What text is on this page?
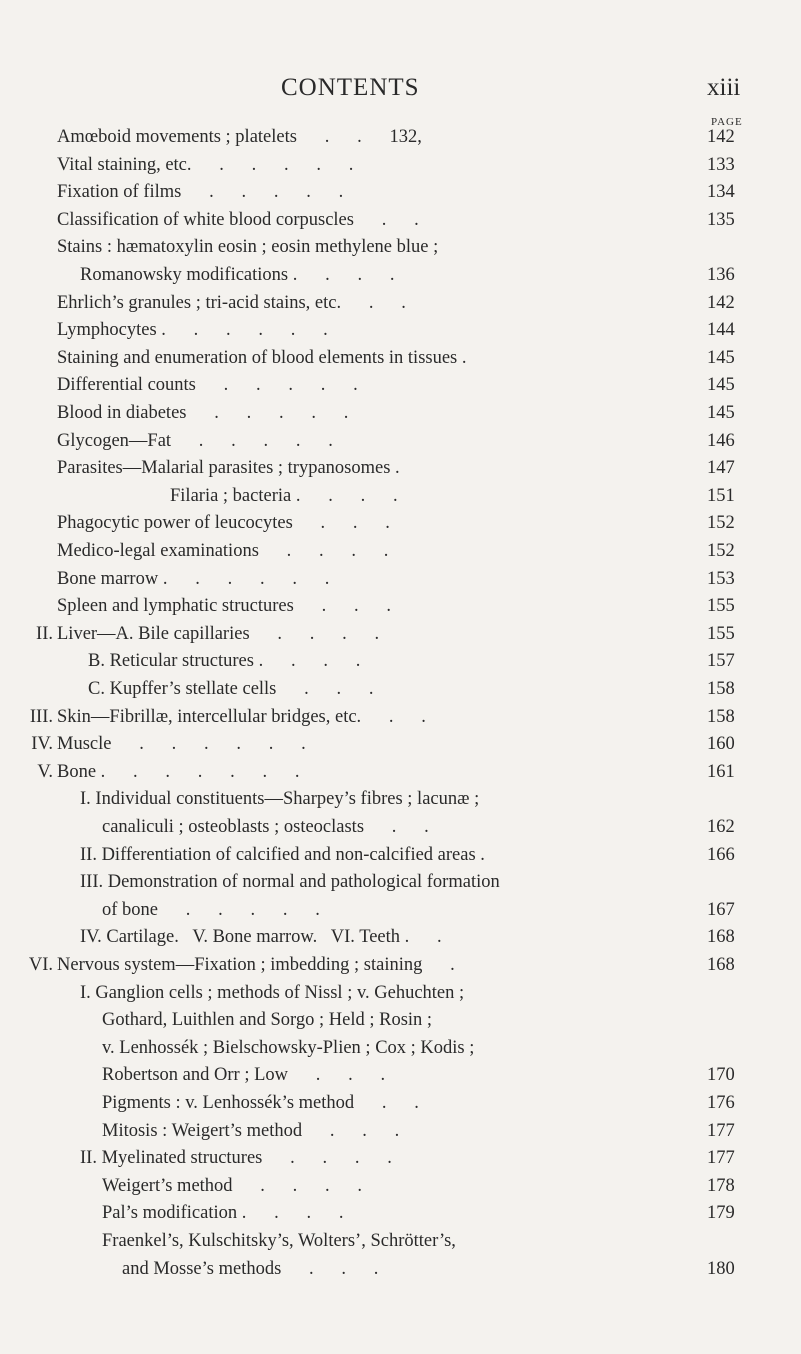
CONTENTS	xiii
PAGE
Amœboid movements ; platelets      .      .      132,	142
Vital staining, etc.      .      .      .      .      .	133
Fixation of films      .      .      .      .      .	134
Classification of white blood corpuscles      .      .	135
Stains : hæmatoxylin eosin ; eosin methylene blue ;
Romanowsky modifications .      .      .      .	136
Ehrlich’s granules ; tri-acid stains, etc.      .      .	142
Lymphocytes .      .      .      .      .      .	144
Staining and enumeration of blood elements in tissues .	145
Differential counts      .      .      .      .      .	145
Blood in diabetes      .      .      .      .      .	145
Glycogen—Fat      .      .      .      .      .	146
Parasites—Malarial parasites ; trypanosomes .	147
Filaria ; bacteria .      .      .      .	151
Phagocytic power of leucocytes      .      .      .	152
Medico-legal examinations      .      .      .      .	152
Bone marrow .      .      .      .      .      .	153
Spleen and lymphatic structures      .      .      .	155
II. Liver—A. Bile capillaries      .      .      .      .	155
B. Reticular structures .      .      .      .	157
C. Kupffer’s stellate cells      .      .      .	158
III. Skin—Fibrillæ, intercellular bridges, etc.      .      .	158
IV. Muscle      .      .      .      .      .      .	160
V. Bone .      .      .      .      .      .      .	161
I. Individual constituents—Sharpey’s fibres ; lacunæ ;
canaliculi ; osteoblasts ; osteoclasts      .      .	162
II. Differentiation of calcified and non-calcified areas .	166
III. Demonstration of normal and pathological formation
of bone      .      .      .      .      .	167
IV. Cartilage.   V. Bone marrow.   VI. Teeth .      .	168
VI. Nervous system—Fixation ; imbedding ; staining      .	168
I. Ganglion cells ; methods of Nissl ; v. Gehuchten ;
Gothard, Luithlen and Sorgo ; Held ; Rosin ;
v. Lenhossék ; Bielschowsky-Plien ; Cox ; Kodis ;
Robertson and Orr ; Low      .      .      .	170
Pigments : v. Lenhossék’s method      .      .	176
Mitosis : Weigert’s method      .      .      .	177
II. Myelinated structures      .      .      .      .	177
Weigert’s method      .      .      .      .	178
Pal’s modification .      .      .      .	179
Fraenkel’s, Kulschitsky’s, Wolters’, Schrötter’s,
and Mosse’s methods      .      .      .	180
